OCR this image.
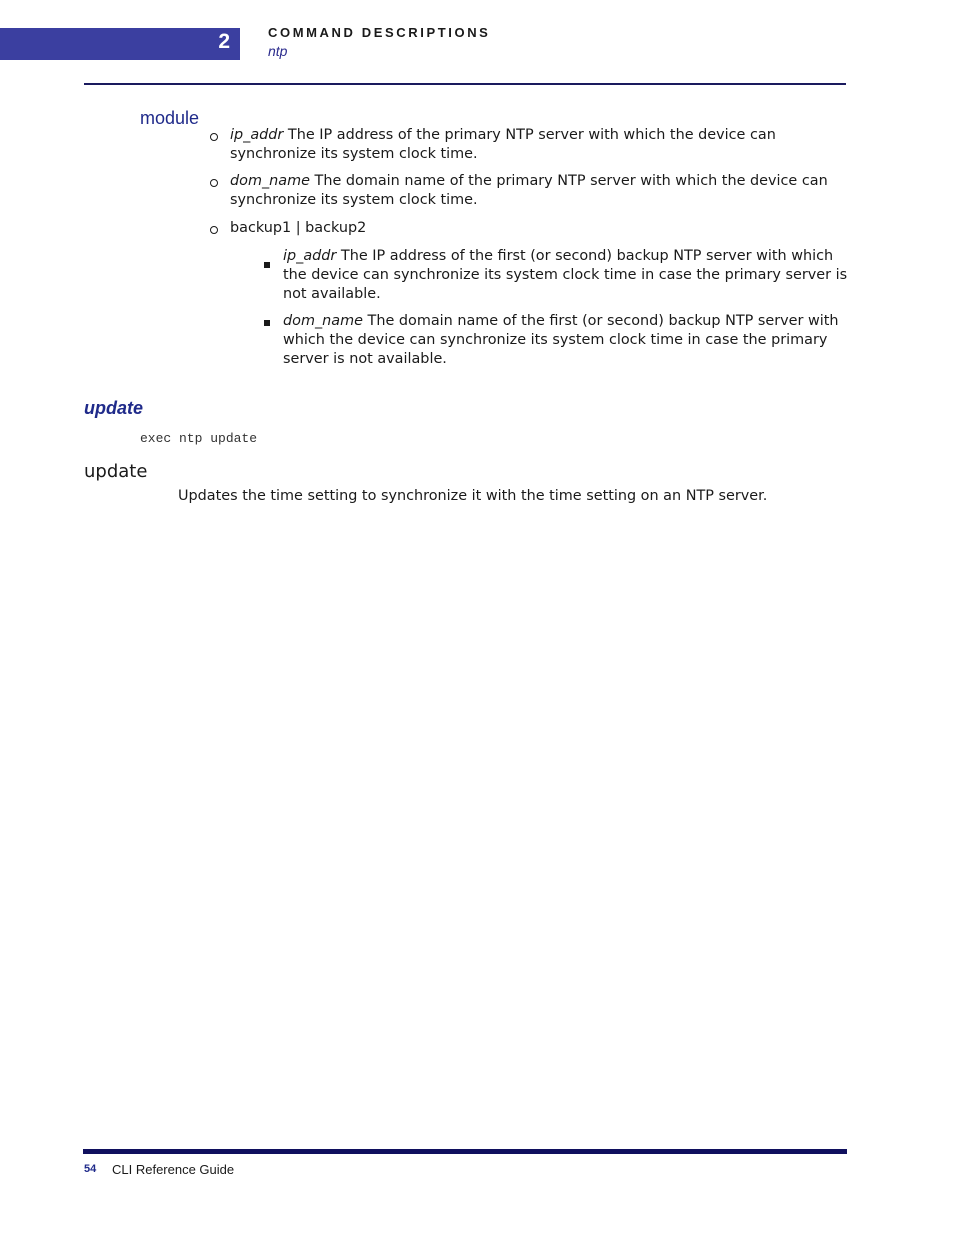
2	COMMAND DESCRIPTIONS
ntp
module
ip_addr The IP address of the primary NTP server with which the device can
synchronize its system clock time.
dom_name The domain name of the primary NTP server with which the device can
synchronize its system clock time.
backup1 | backup2
ip_addr The IP address of the first (or second) backup NTP server with which
the device can synchronize its system clock time in case the primary server is
not available.
dom_name The domain name of the first (or second) backup NTP server with
which the device can synchronize its system clock time in case the primary
server is not available.
update
exec ntp update
update
Updates the time setting to synchronize it with the time setting on an NTP server.
54 CLI Reference Guide
